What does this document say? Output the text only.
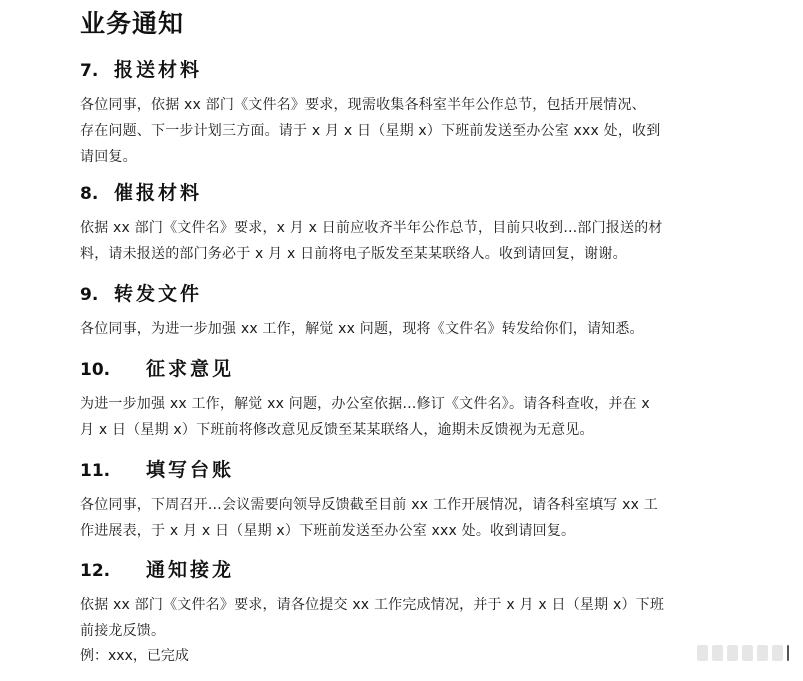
业务通知
7. 报送材料

各位同事，依据 xx 部门《文件名》要求，现需收集各科室半年公作总节，包括开展情况、

存在问题、下一步计划三方面。请于 x 月 x 日（星期 x）下班前发送至办公室 xxx 处，收到

请回复。

8. 催报材料

依据 xx 部门《文件名》要求，x 月 x 日前应收齐半年公作总节，目前只收到…部门报送的材

料，请未报送的部门务必于 x 月 x 日前将电子版发至某某联络人。收到请回复，谢谢。

9. 转发文件

各位同事，为进一步加强 xx 工作，解觉 xx 问题，现将《文件名》转发给你们，请知悉。

10.	征求意见

为进一步加强 xx 工作，解觉 xx 问题，办公室依据…修订《文件名》。请各科查收，并在 x

月 x 日（星期 x）下班前将修改意见反馈至某某联络人，逾期未反馈视为无意见。

11.	填写台账

各位同事，下周召开…会议需要向领导反馈截至目前 xx 工作开展情况，请各科室填写 xx 工

作进展表，于 x 月 x 日（星期 x）下班前发送至办公室 xxx 处。收到请回复。

12.	通知接龙

依据 xx 部门《文件名》要求，请各位提交 xx 工作完成情况，并于 x 月 x 日（星期 x）下班

前接龙反馈。

例：xxx，已完成
